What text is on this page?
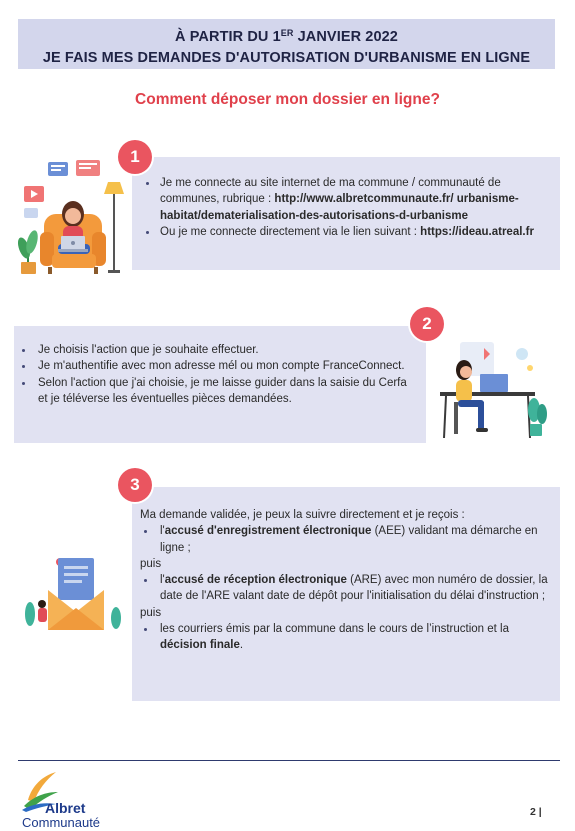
À PARTIR DU 1ER JANVIER 2022
JE FAIS MES DEMANDES D'AUTORISATION D'URBANISME EN LIGNE
Comment déposer mon dossier en ligne?
Je me connecte au site internet de ma commune / communauté de communes, rubrique : http://www.albretcommunaute.fr/ urbanisme-habitat/dematerialisation-des-autorisations-d-urbanisme
Ou je me connecte directement via le lien suivant : https://ideau.atreal.fr
1
Je choisis l'action que je souhaite effectuer.
Je m'authentifie avec mon adresse mél ou mon compte FranceConnect.
Selon l'action que j'ai choisie, je me laisse guider dans la saisie du Cerfa et je téléverse les éventuelles pièces demandées.
2
Ma demande validée, je peux la suivre directement et je reçois :
l'accusé d'enregistrement électronique (AEE) validant ma démarche en ligne ;
puis
l'accusé de réception électronique (ARE) avec mon numéro de dossier, la date de l'ARE valant date de dépôt pour l'initialisation du délai d'instruction ;
puis
les courriers émis par la commune dans le cours de l’instruction et la décision finale.
3
Albret
Communauté
2 |
